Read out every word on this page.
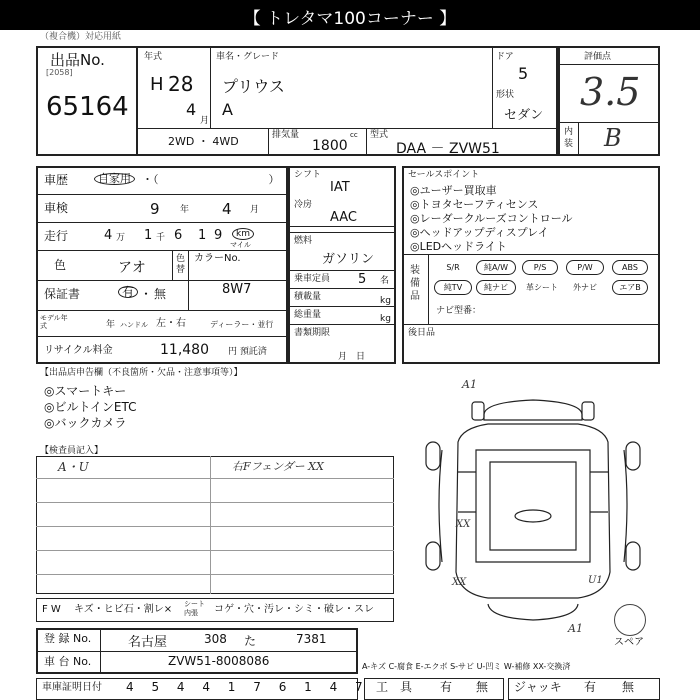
【 トレタマ100コーナー 】
（複合機）対応用紙
出品No.
[2058]
65164
年式
H 28
4
月
車名・グレード
プリウス
A
ドア
5
形状
セダン
2WD ・ 4WD	排気量	cc
1800
型式
DAA － ZVW51
評価点
3.5
内装 B
車歴	自家用	・（　　　　　　　　　　）
車検	9 年 4 月
走行	4 万 1 千 6 1 9	km
マイル
色	アオ
色替
カラーNo.
8W7
保証書	有 ・ 無
モデル年式	年 ハンドル 左・右	ディーラー・並行
リサイクル料金	11,480 円 預託済
シフト
IAT
冷房
AAC
燃料
ガソリン
乗車定員 5 名
積載量	kg
総重量	kg
書類期限
月　日
セールスポイント
◎ユーザー買取車
◎トヨタセーフティセンス
◎レーダークルーズコントロール
◎ヘッドアップディスプレイ
◎LEDヘッドライト
装備品
S/R	純A/W	P/S	P/W	ABS
純TV	純ナビ	革シート	外ナビ	エアB
ナビ型番：
後日品
【出品店申告欄（不良箇所・欠品・注意事項等）】
◎スマートキー
◎ビルトインETC
◎バックカメラ
【検査員記入】
A・U	右Fフェンダー XX
A1
XX
XX	U1
A1
スペア
F W キズ・ヒビ石・割レ× シート 内張	コゲ・穴・汚レ・シミ・破レ・スレ
登 録 No.	名古屋	308 た	7381
車 台 No.	ZVW51-8008086	A-キズ C-腐食 E-エクボ S-サビ U-凹ミ W-補修 XX-交換済
車庫証明日付 4 5 4 4 1 7 6 1 4 7 工　具 有 無 ジャッキ 有 無
